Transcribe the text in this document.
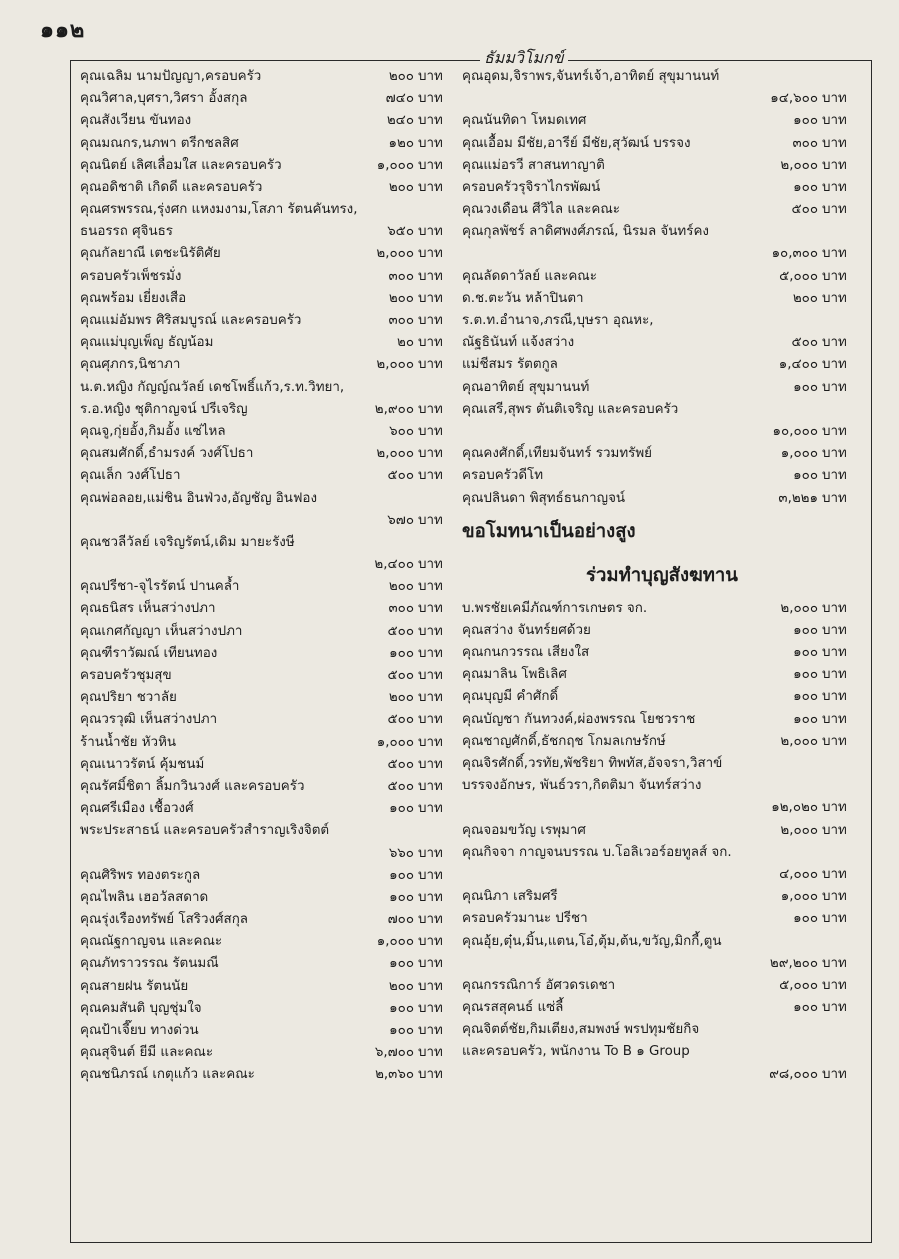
๑๑๒
ธัมมวิโมกข์
คุณเฉลิม นามปัญญา,ครอบครัว	๒๐๐ บาท
คุณวิศาล,บุศรา,วิศรา อั้งสกุล	๗๔๐ บาท
คุณสังเวียน ขันทอง	๒๔๐ บาท
คุณมณกร,นภพา ตรีกชลสิศ	๑๒๐ บาท
คุณนิตย์ เลิศเลื่อมใส และครอบครัว	๑,๐๐๐ บาท
คุณอดิชาติ เกิดดี และครอบครัว	๒๐๐ บาท
คุณศรพรรณ,รุ่งศก แหงมงาม,โสภา รัตนคันทรง,
ธนอรรถ ศุจินธร	๖๕๐ บาท
คุณกัลยาณี เตชะนิรัติศัย	๒,๐๐๐ บาท
ครอบครัวเพ็ชรมั่ง	๓๐๐ บาท
คุณพร้อม เยี่ยงเสือ	๒๐๐ บาท
คุณแม่อัมพร ศิริสมบูรณ์ และครอบครัว	๓๐๐ บาท
คุณแม่บุญเพ็ญ ธัญน้อม	๒๐ บาท
คุณศุภกร,นิชาภา	๒,๐๐๐ บาท
น.ต.หญิง กัญญ์ณวัลย์ เดชโพธิ์แก้ว,ร.ท.วิทยา,
ร.อ.หญิง ชุติกาญจน์ ปรีเจริญ	๒,๙๐๐ บาท
คุณจู,กุ่ยอั้ง,กิมอั้ง แซ่ไหล	๖๐๐ บาท
คุณสมศักดิ์,ธำมรงค์ วงศ์โปธา	๒,๐๐๐ บาท
คุณเล็ก วงศ์โปธา	๕๐๐ บาท
คุณพ่อลอย,แม่ชิน อินฟ่วง,อัญชัญ อินฟอง
๖๗๐ บาท
คุณชวลีวัลย์ เจริญรัตน์,เดิม มายะรังษี
๒,๔๐๐ บาท
คุณปรีชา-จุไรรัตน์ ปานคล้ำ	๒๐๐ บาท
คุณธนิสร เห็นสว่างปภา	๓๐๐ บาท
คุณเกศกัญญา เห็นสว่างปภา	๕๐๐ บาท
คุณฑีราวัฒณ์ เทียนทอง	๑๐๐ บาท
ครอบครัวชุมสุข	๕๐๐ บาท
คุณปริยา ชวาลัย	๒๐๐ บาท
คุณวรวุฒิ เห็นสว่างปภา	๕๐๐ บาท
ร้านน้ำชัย หัวหิน	๑,๐๐๐ บาท
คุณเนาวรัตน์ คุ้มชนม์	๕๐๐ บาท
คุณรัศมิ์ชิตา ลิ้มกวินวงศ์ และครอบครัว	๕๐๐ บาท
คุณศรีเมือง เชื้อวงศ์	๑๐๐ บาท
พระประสาธน์ และครอบครัวสำราญเริงจิตต์
๖๖๐ บาท
คุณศิริพร ทองตระกูล	๑๐๐ บาท
คุณไพลิน เฮอวัลสดาด	๑๐๐ บาท
คุณรุ่งเรืองทรัพย์ โสริวงศ์สกุล	๗๐๐ บาท
คุณณัฐกาญจน และคณะ	๑,๐๐๐ บาท
คุณภัทราวรรณ รัตนมณี	๑๐๐ บาท
คุณสายฝน รัตนนัย	๒๐๐ บาท
คุณคมสันติ บุญชุ่มใจ	๑๐๐ บาท
คุณป้าเจี๊ยบ ทางด่วน	๑๐๐ บาท
คุณสุจินต์ ยีมี และคณะ	๖,๗๐๐ บาท
คุณชนิภรณ์ เกตุแก้ว และคณะ	๒,๓๖๐ บาท
คุณอุดม,จิราพร,จันทร์เจ้า,อาทิตย์ สุขุมานนท์
๑๔,๖๐๐ บาท
คุณนันทิดา โหมดเทศ	๑๐๐ บาท
คุณเอื้อม มีชัย,อารีย์ มีชัย,สุวัฒน์ บรรจง	๓๐๐ บาท
คุณแม่อรวี สาสนทาญาติ	๒,๐๐๐ บาท
ครอบครัวรุจิราไกรพัฒน์	๑๐๐ บาท
คุณวงเดือน ศีวิไล และคณะ	๕๐๐ บาท
คุณกุลพัชร์ ลาดิศพงศ์ภรณ์, นิรมล จันทร์คง
๑๐,๓๐๐ บาท
คุณลัดดาวัลย์ และคณะ	๕,๐๐๐ บาท
ด.ช.ตะวัน หล้าปินตา	๒๐๐ บาท
ร.ต.ท.อำนาจ,ภรณี,บุษรา อุณหะ,
ณัฐธินันท์ แจ้งสว่าง	๕๐๐ บาท
แม่ชีสมร รัตตกูล	๑,๔๐๐ บาท
คุณอาทิตย์ สุขุมานนท์	๑๐๐ บาท
คุณเสรี,สุพร ตันติเจริญ และครอบครัว
๑๐,๐๐๐ บาท
คุณคงศักดิ์,เทียมจันทร์ รวมทรัพย์	๑,๐๐๐ บาท
ครอบครัวดีโท	๑๐๐ บาท
คุณปลินดา พิสุทธ์ธนกาญจน์	๓,๒๒๑ บาท
ขอโมทนาเป็นอย่างสูง
ร่วมทำบุญสังฆทาน
บ.พรชัยเคมีภัณฑ์การเกษตร จก.	๒,๐๐๐ บาท
คุณสว่าง จันทร์ยศด้วย	๑๐๐ บาท
คุณกนกวรรณ เสียงใส	๑๐๐ บาท
คุณมาลิน โพธิเลิศ	๑๐๐ บาท
คุณบุญมี คำศักดิ์	๑๐๐ บาท
คุณบัญชา กันทวงค์,ผ่องพรรณ โยชวราช	๑๐๐ บาท
คุณชาญศักดิ์,ธัชกฤช โกมลเกษรักษ์	๒,๐๐๐ บาท
คุณจิรศักดิ์,วรทัย,พัชริยา ทิพทัส,อัจจรา,วิสาข์
บรรจงอักษร, พันธ์วรา,กิตติมา จันทร์สว่าง
๑๒,๐๒๐ บาท
คุณจอมขวัญ เรพุมาศ	๒,๐๐๐ บาท
คุณกิจจา กาญจนบรรณ บ.โอลิเวอร์อยทูลส์ จก.
๔,๐๐๐ บาท
คุณนิภา เสริมศรี	๑,๐๐๐ บาท
ครอบครัวมานะ ปรีชา	๑๐๐ บาท
คุณอุ้ย,ตุ๋น,มิ้น,แตน,โอ๋,ตุ้ม,ต้น,ขวัญ,มิกกี้,ตูน
๒๙,๒๐๐ บาท
คุณกรรณิการ์ อัศวดรเดชา	๕,๐๐๐ บาท
คุณรสสุคนธ์ แซ่ลี้	๑๐๐ บาท
คุณจิตต์ชัย,กิมเตียง,สมพงษ์ พรปทุมชัยกิจ
และครอบครัว, พนักงาน To B ๑ Group
๙๘,๐๐๐ บาท
